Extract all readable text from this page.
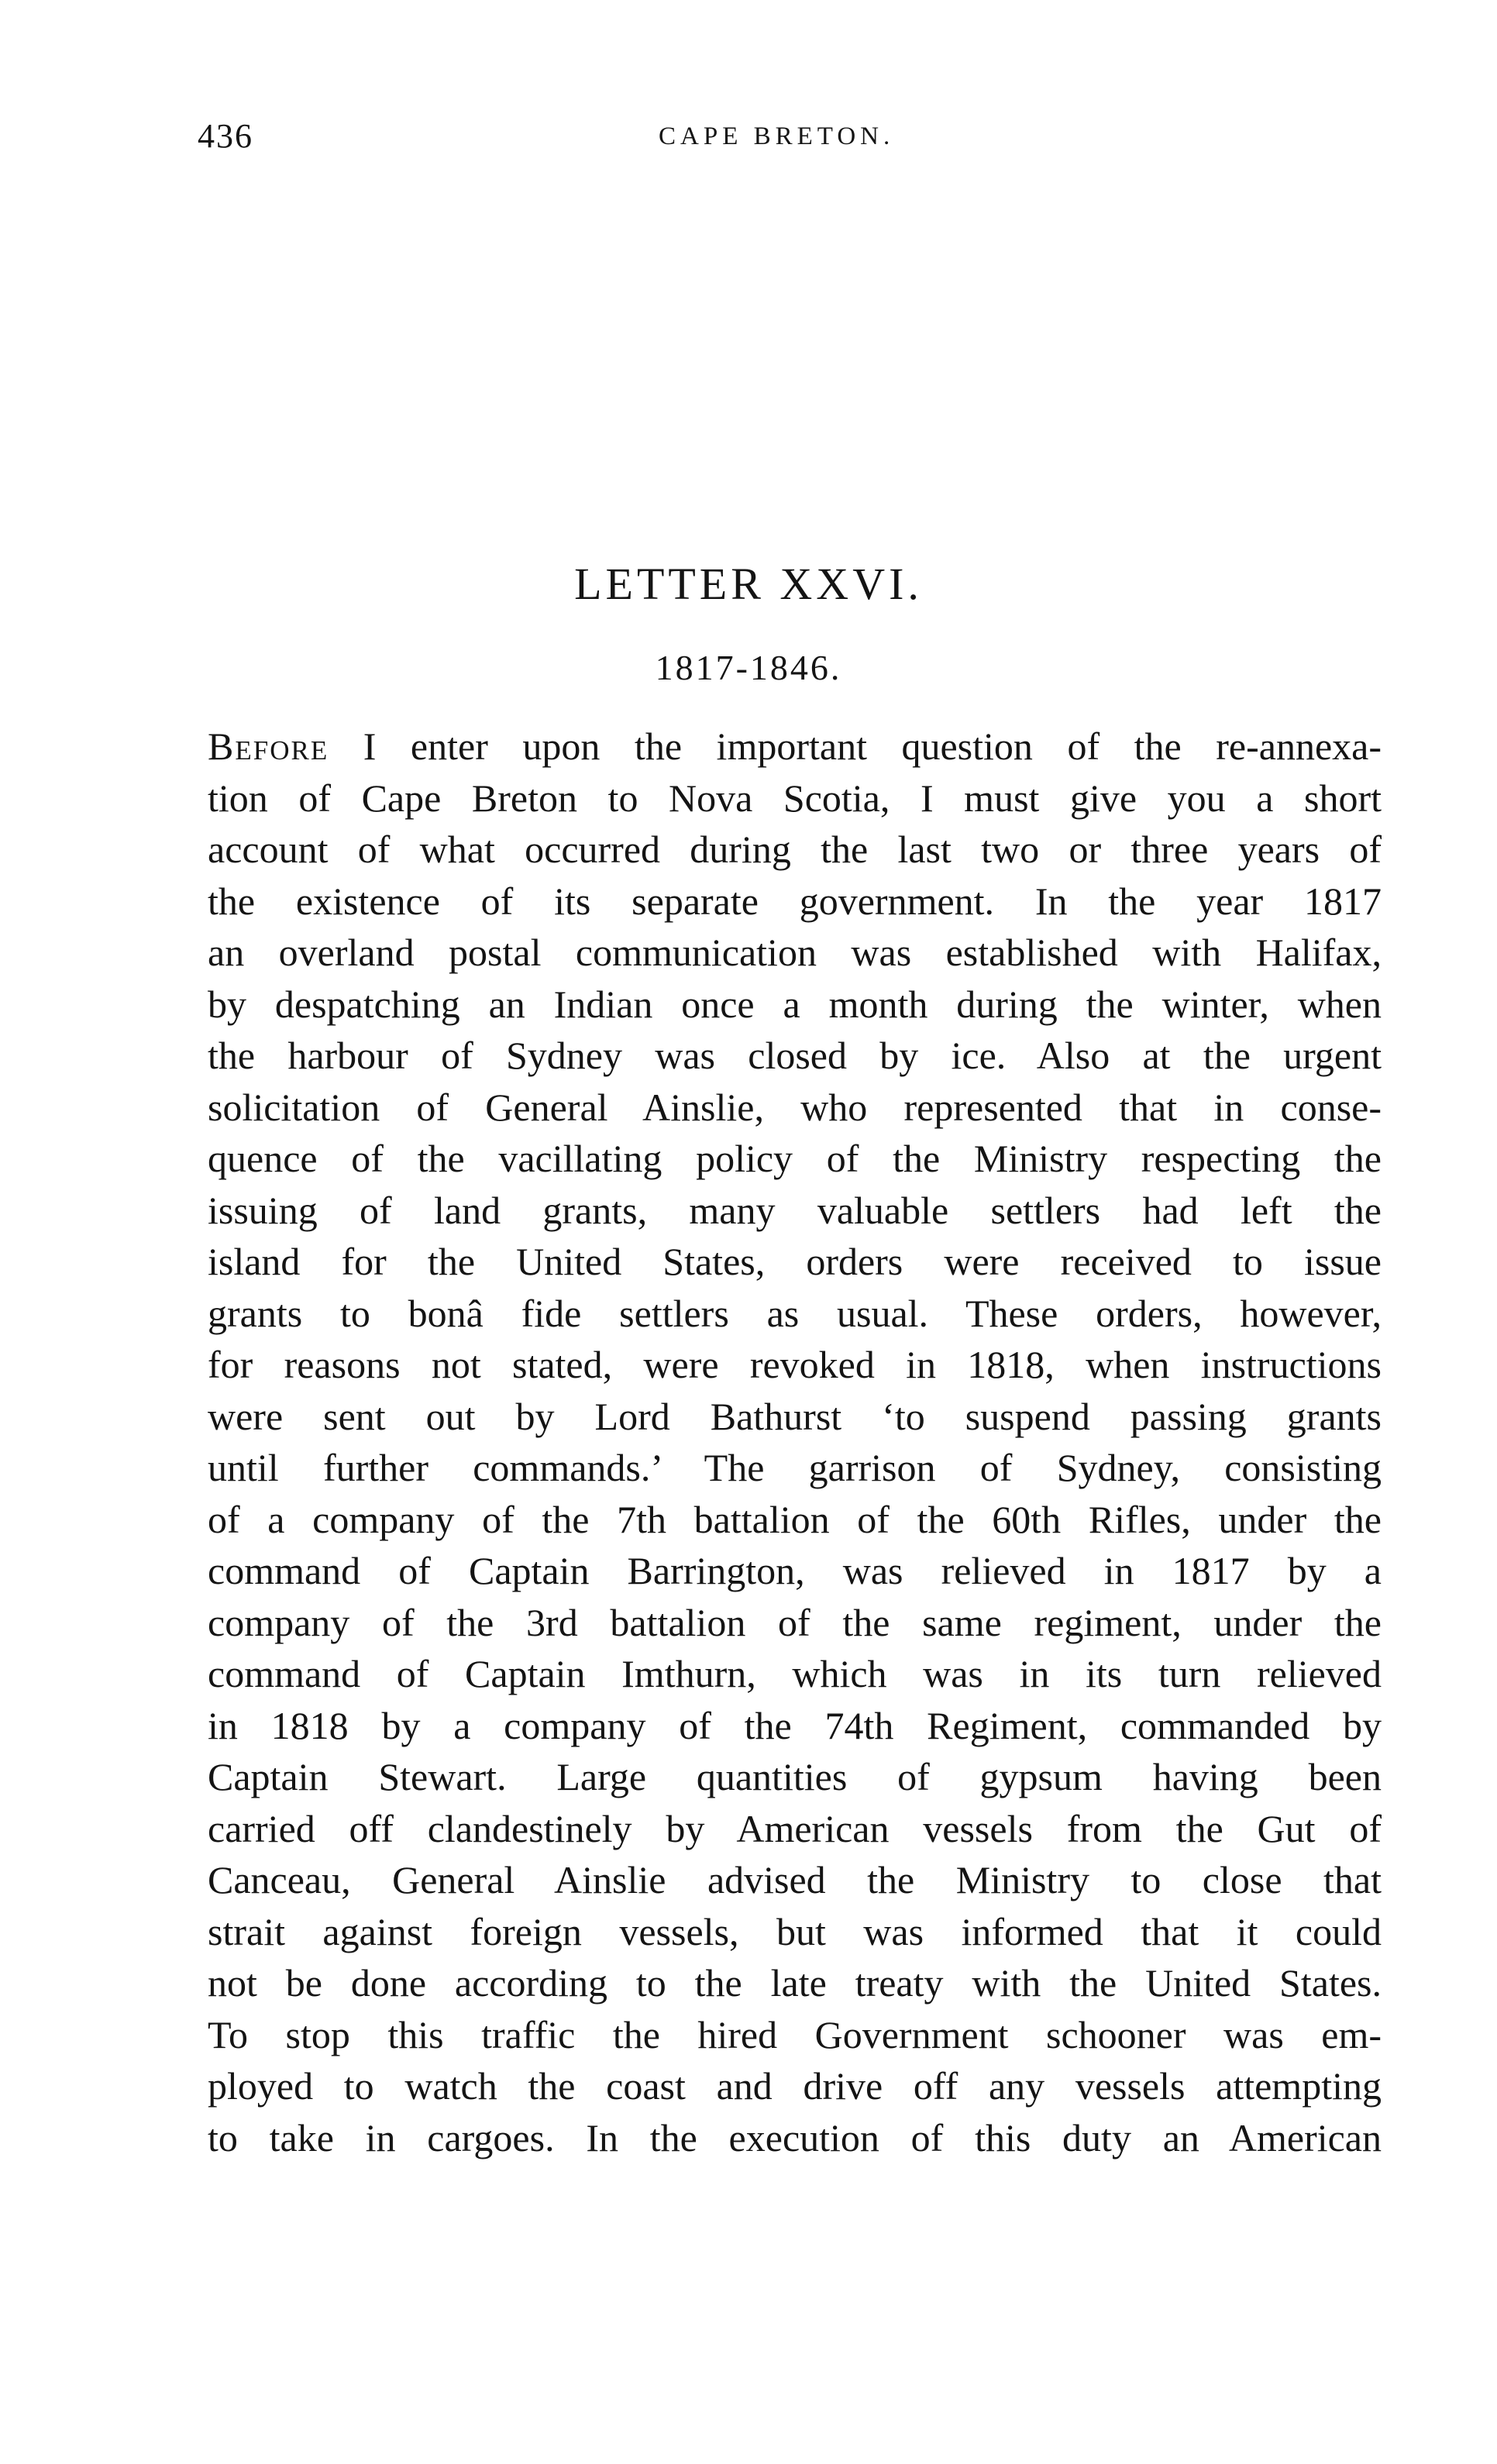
436	CAPE BRETON.
LETTER XXVI.
1817-1846.
Before I enter upon the important question of the re-annexa-
tion of Cape Breton to Nova Scotia, I must give you a short
account of what occurred during the last two or three years of
the existence of its separate government. In the year 1817
an overland postal communication was established with Halifax,
by despatching an Indian once a month during the winter, when
the harbour of Sydney was closed by ice. Also at the urgent
solicitation of General Ainslie, who represented that in conse-
quence of the vacillating policy of the Ministry respecting the
issuing of land grants, many valuable settlers had left the
island for the United States, orders were received to issue
grants to bonâ fide settlers as usual. These orders, however,
for reasons not stated, were revoked in 1818, when instructions
were sent out by Lord Bathurst ‘to suspend passing grants
until further commands.’ The garrison of Sydney, consisting
of a company of the 7th battalion of the 60th Rifles, under the
command of Captain Barrington, was relieved in 1817 by a
company of the 3rd battalion of the same regiment, under the
command of Captain Imthurn, which was in its turn relieved
in 1818 by a company of the 74th Regiment, commanded by
Captain Stewart. Large quantities of gypsum having been
carried off clandestinely by American vessels from the Gut of
Canceau, General Ainslie advised the Ministry to close that
strait against foreign vessels, but was informed that it could
not be done according to the late treaty with the United States.
To stop this traffic the hired Government schooner was em-
ployed to watch the coast and drive off any vessels attempting
to take in cargoes. In the execution of this duty an American
